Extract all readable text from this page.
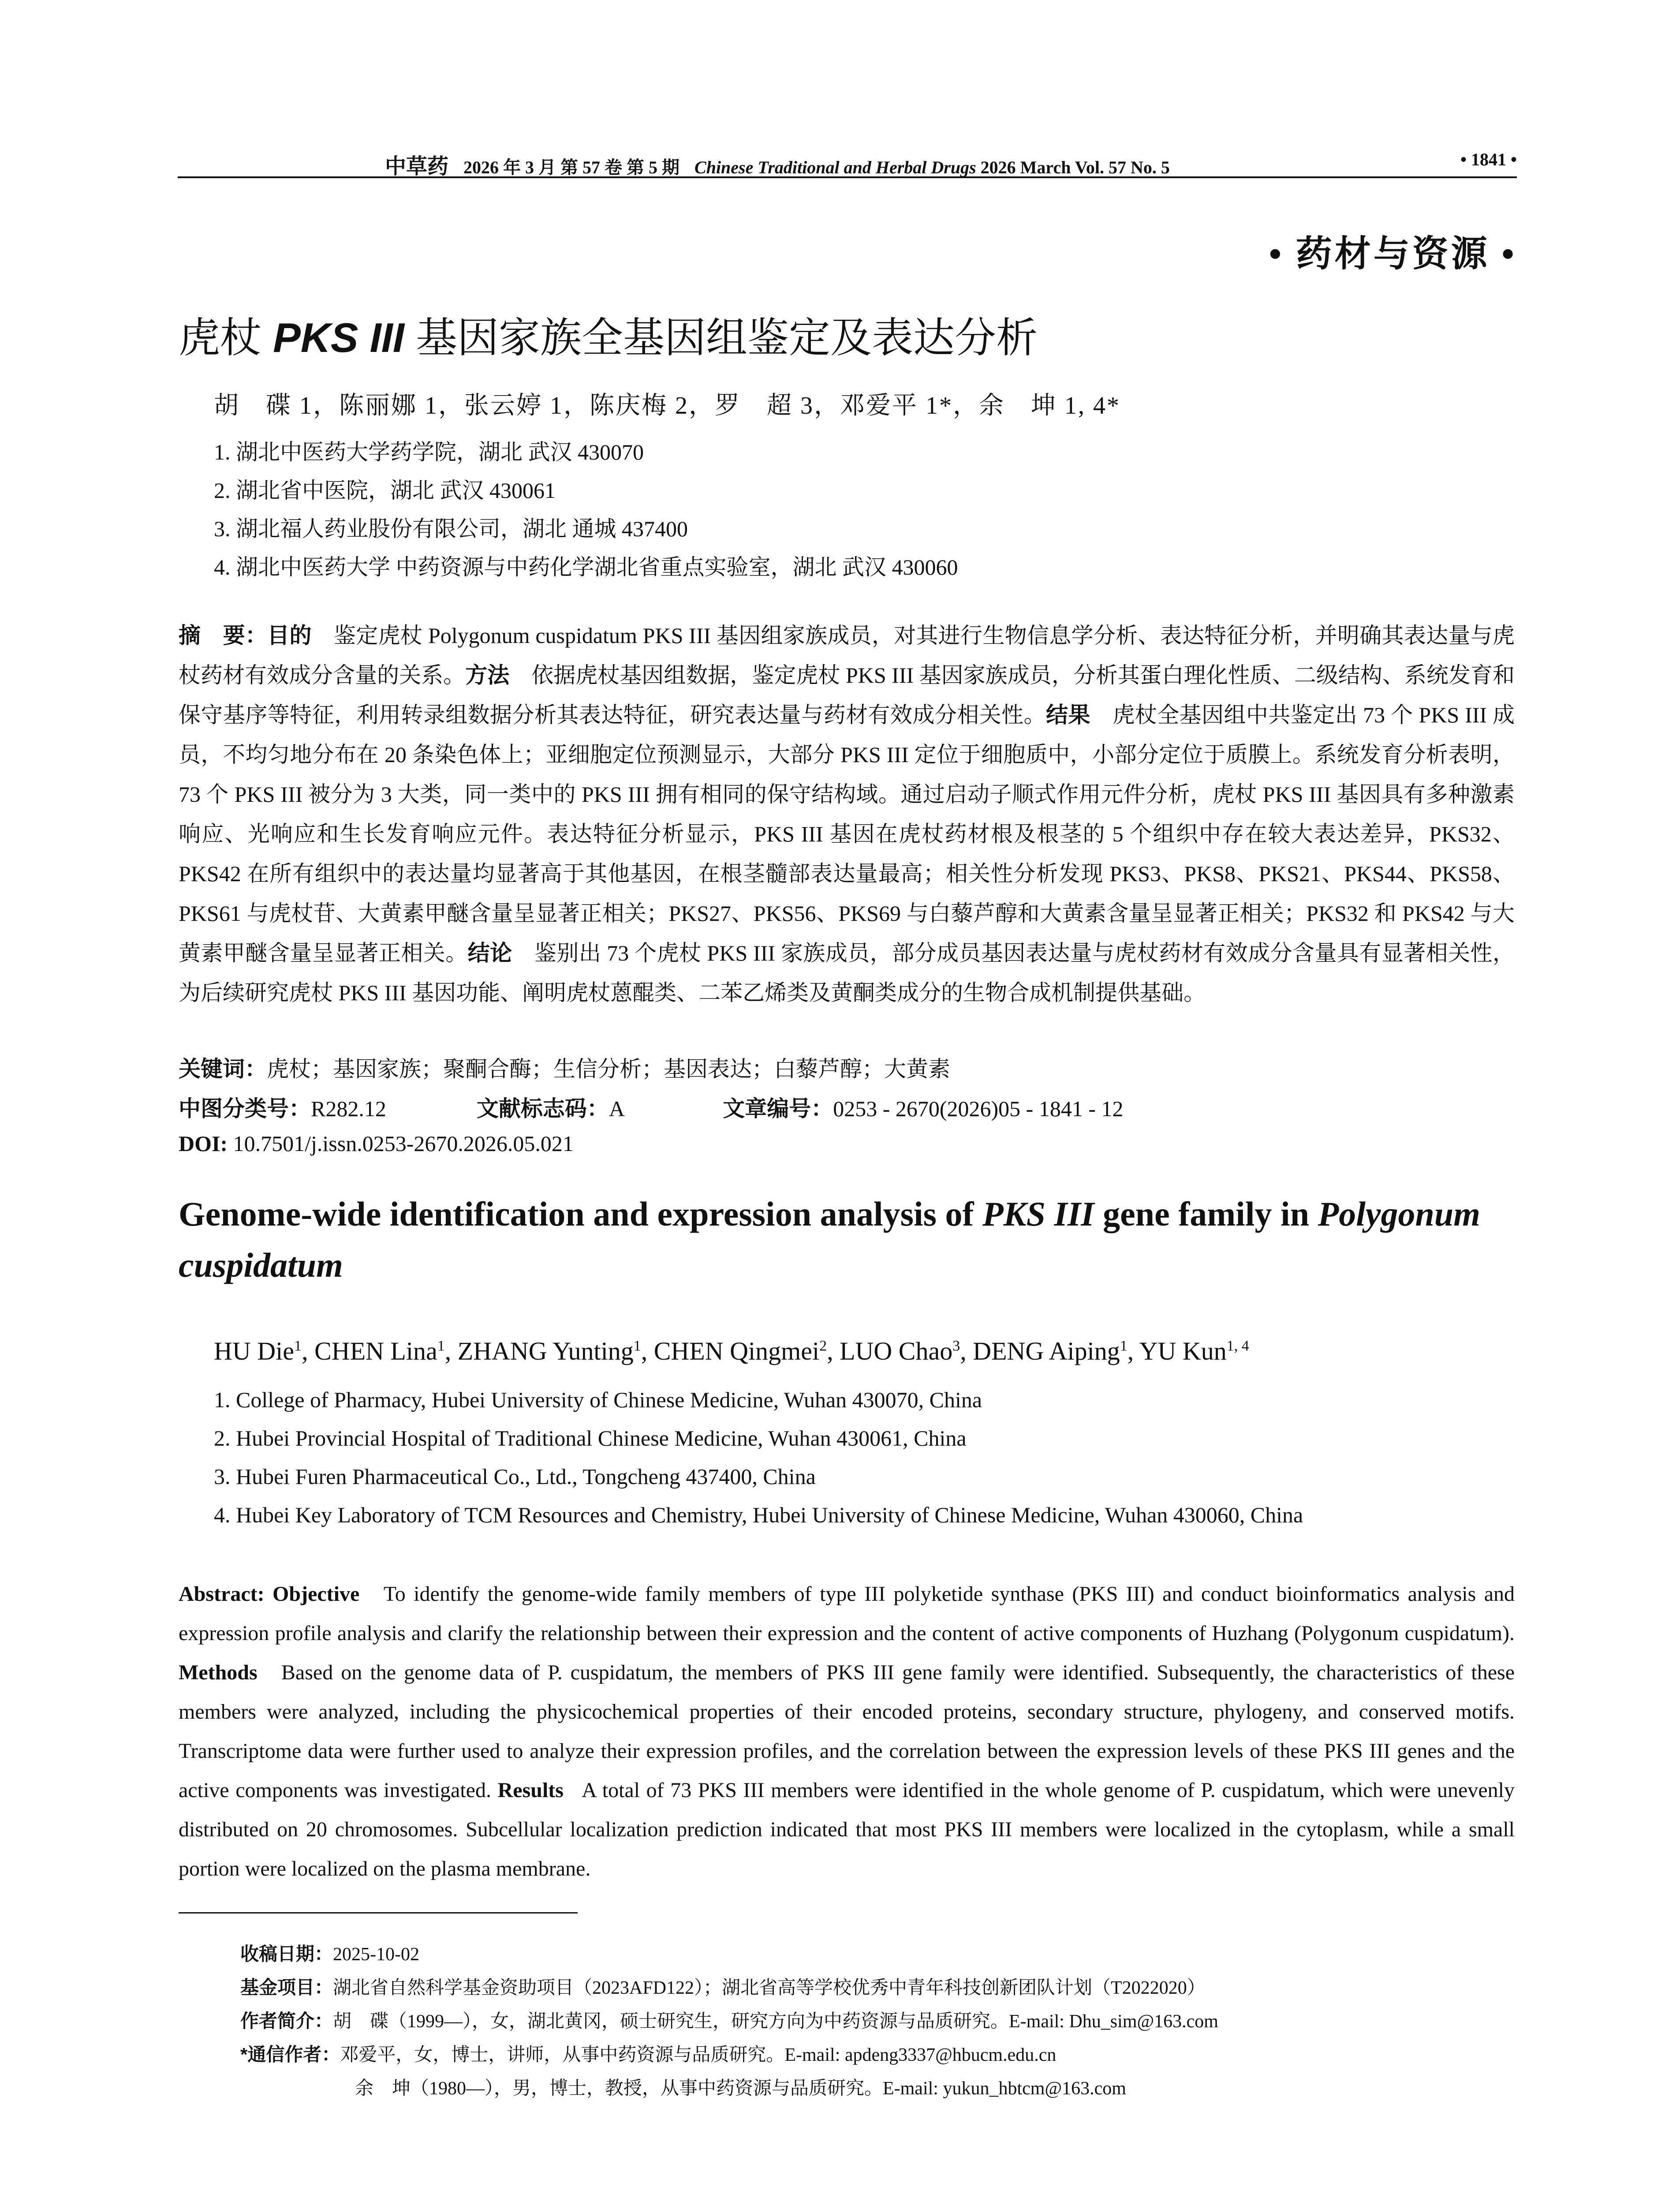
中草药 2026 年 3 月 第 57 卷 第 5 期 Chinese Traditional and Herbal Drugs 2026 March Vol. 57 No. 5	• 1841 •
• 药材与资源 •
虎杖 PKS III 基因家族全基因组鉴定及表达分析
胡　碟 1，陈丽娜 1，张云婷 1，陈庆梅 2，罗　超 3，邓爱平 1*，余　坤 1, 4*
1. 湖北中医药大学药学院，湖北 武汉 430070
2. 湖北省中医院，湖北 武汉 430061
3. 湖北福人药业股份有限公司，湖北 通城 437400
4. 湖北中医药大学 中药资源与中药化学湖北省重点实验室，湖北 武汉 430060
摘　要：目的　 鉴定虎杖 Polygonum cuspidatum PKS III 基因组家族成员，对其进行生物信息学分析、表达特征分析，并明确其表达量与虎杖药材有效成分含量的关系。方法　 依据虎杖基因组数据，鉴定虎杖 PKS III 基因家族成员，分析其蛋白理化性质、二级结构、系统发育和保守基序等特征，利用转录组数据分析其表达特征，研究表达量与药材有效成分相关性。结果　 虎杖全基因组中共鉴定出 73 个 PKS III 成员，不均匀地分布在 20 条染色体上；亚细胞定位预测显示，大部分 PKS III 定位于细胞质中，小部分定位于质膜上。系统发育分析表明，73 个 PKS III 被分为 3 大类，同一类中的 PKS III 拥有相同的保守结构域。通过启动子顺式作用元件分析，虎杖 PKS III 基因具有多种激素响应、光响应和生长发育响应元件。表达特征分析显示，PKS III 基因在虎杖药材根及根茎的 5 个组织中存在较大表达差异，PKS32、PKS42 在所有组织中的表达量均显著高于其他基因，在根茎髓部表达量最高；相关性分析发现 PKS3、PKS8、PKS21、PKS44、PKS58、PKS61 与虎杖苷、大黄素甲醚含量呈显著正相关；PKS27、PKS56、PKS69 与白藜芦醇和大黄素含量呈显著正相关；PKS32 和 PKS42 与大黄素甲醚含量呈显著正相关。结论　 鉴别出 73 个虎杖 PKS III 家族成员，部分成员基因表达量与虎杖药材有效成分含量具有显著相关性，为后续研究虎杖 PKS III 基因功能、阐明虎杖蒽醌类、二苯乙烯类及黄酮类成分的生物合成机制提供基础。
关键词：虎杖；基因家族；聚酮合酶；生信分析；基因表达；白藜芦醇；大黄素
中图分类号：R282.12	文献标志码：A	文章编号：0253 - 2670(2026)05 - 1841 - 12
DOI: 10.7501/j.issn.0253-2670.2026.05.021
Genome-wide identification and expression analysis of PKS III gene family in Polygonum cuspidatum
HU Die$^1$, CHEN Lina$^1$, ZHANG Yunting$^1$, CHEN Qingmei$^2$, LUO Chao$^3$, DENG Aiping$^1$, YU Kun$^{1, 4}$
1. College of Pharmacy, Hubei University of Chinese Medicine, Wuhan 430070, China
2. Hubei Provincial Hospital of Traditional Chinese Medicine, Wuhan 430061, China
3. Hubei Furen Pharmaceutical Co., Ltd., Tongcheng 437400, China
4. Hubei Key Laboratory of TCM Resources and Chemistry, Hubei University of Chinese Medicine, Wuhan 430060, China
Abstract: Objective To identify the genome-wide family members of type III polyketide synthase (PKS III) and conduct bioinformatics analysis and expression profile analysis and clarify the relationship between their expression and the content of active components of Huzhang (Polygonum cuspidatum). Methods Based on the genome data of P. cuspidatum, the members of PKS III gene family were identified. Subsequently, the characteristics of these members were analyzed, including the physicochemical properties of their encoded proteins, secondary structure, phylogeny, and conserved motifs. Transcriptome data were further used to analyze their expression profiles, and the correlation between the expression levels of these PKS III genes and the active components was investigated. Results A total of 73 PKS III members were identified in the whole genome of P. cuspidatum, which were unevenly distributed on 20 chromosomes. Subcellular localization prediction indicated that most PKS III members were localized in the cytoplasm, while a small portion were localized on the plasma membrane.
收稿日期：2025-10-02
基金项目：湖北省自然科学基金资助项目（2023AFD122）；湖北省高等学校优秀中青年科技创新团队计划（T2022020）
作者简介：胡　碟（1999—），女，湖北黄冈，硕士研究生，研究方向为中药资源与品质研究。E-mail: Dhu_sim@163.com
*通信作者：邓爱平，女，博士，讲师，从事中药资源与品质研究。E-mail: apdeng3337@hbucm.edu.cn
余　坤（1980—），男，博士，教授，从事中药资源与品质研究。E-mail: yukun_hbtcm@163.com
